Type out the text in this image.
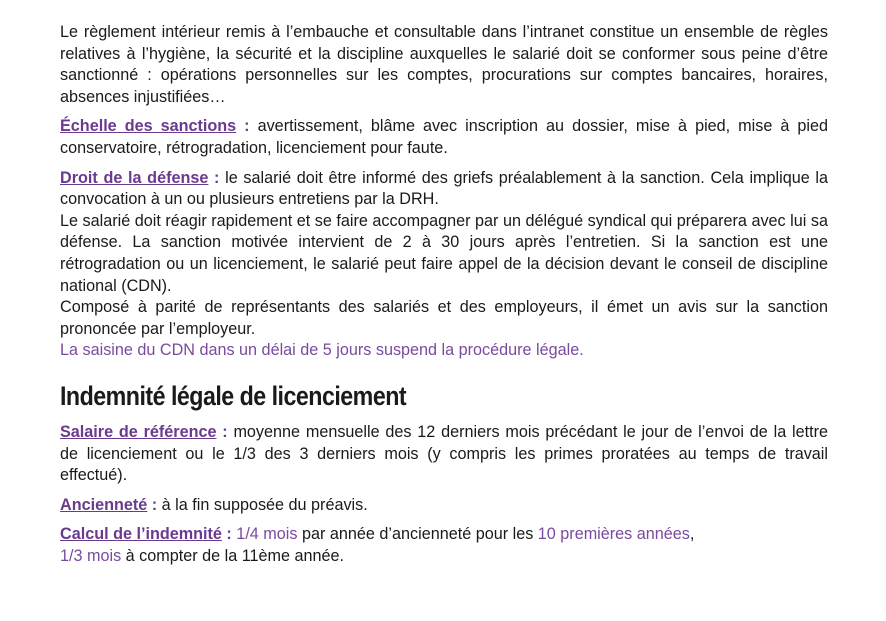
Le règlement intérieur remis à l’embauche et consultable dans l’intranet constitue un ensemble de règles relatives à l’hygiène, la sécurité et la discipline auxquelles le salarié doit se conformer sous peine d’être sanctionné : opérations personnelles sur les comptes, procurations sur comptes bancaires, horaires, absences injustifiées…

Échelle des sanctions : avertissement, blâme avec inscription au dossier, mise à pied, mise à pied conservatoire, rétrogradation, licenciement pour faute.

Droit de la défense : le salarié doit être informé des griefs préalablement à la sanction. Cela implique la convocation à un ou plusieurs entretiens par la DRH.

Le salarié doit réagir rapidement et se faire accompagner par un délégué syndical qui préparera avec lui sa défense. La sanction motivée intervient de 2 à 30 jours après l’entretien. Si la sanction est une rétrogradation ou un licenciement, le salarié peut faire appel de la décision devant le conseil de discipline national (CDN).

Composé à parité de représentants des salariés et des employeurs, il émet un avis sur la sanction prononcée par l’employeur.

La saisine du CDN dans un délai de 5 jours suspend la procédure légale.

Indemnité légale de licenciement

Salaire de référence : moyenne mensuelle des 12 derniers mois précédant le jour de l’envoi de la lettre de licenciement ou le 1/3 des 3 derniers mois (y compris les primes proratées au temps de travail effectué).

Ancienneté : à la fin supposée du préavis.

Calcul de l’indemnité : 1/4 mois par année d’ancienneté pour les 10 premières années,
1/3 mois à compter de la 11ème année.
